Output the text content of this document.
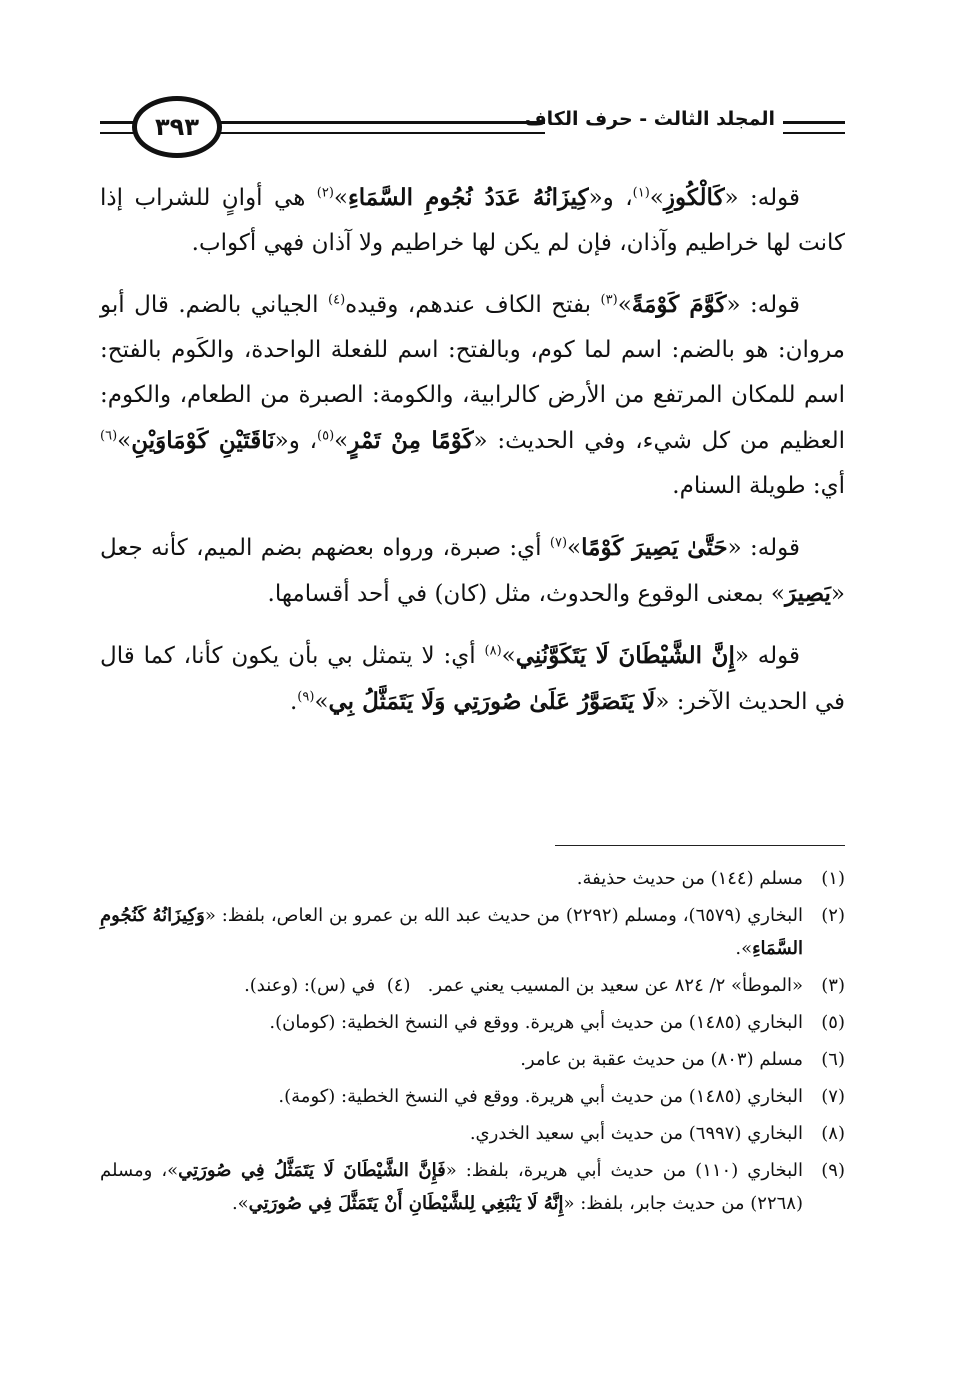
المجلد الثالث - حرف الكاف
٣٩٣

قوله: «كَالْكُوزِ»$^{(١)}$، و«كِيزَانُهُ عَدَدُ نُجُومِ السَّمَاءِ»$^{(٢)}$ هي أوانٍ للشراب إذا كانت لها خراطيم وآذان، فإن لم يكن لها خراطيم ولا آذان فهي أكواب.

قوله: «كَوَّمَ كَوْمَةً»$^{(٣)}$ بفتح الكاف عندهم، وقيده$^{(٤)}$ الجياني بالضم. قال أبو مروان: هو بالضم: اسم لما كوم، وبالفتح: اسم للفعلة الواحدة، والكَوم بالفتح: اسم للمكان المرتفع من الأرض كالرابية، والكومة: الصبرة من الطعام، والكوم: العظيم من كل شيء، وفي الحديث: «كَوْمًا مِنْ تَمْرٍ»$^{(٥)}$، و«نَاقَتَيْنِ كَوْمَاوَيْنِ»$^{(٦)}$ أي: طويلة السنام.

قوله: «حَتَّىٰ يَصِيرَ كَوْمًا»$^{(٧)}$ أي: صبرة، ورواه بعضهم بضم الميم، كأنه جعل «يَصِيرَ» بمعنى الوقوع والحدوث، مثل (كان) في أحد أقسامها.

قوله «إِنَّ الشَّيْطَانَ لَا يَتَكَوَّنُنِي»$^{(٨)}$ أي: لا يتمثل بي بأن يكون كأنا، كما قال في الحديث الآخر: «لَا يَتَصَوَّرُ عَلَىٰ صُورَتِي وَلَا يَتَمَثَّلُ بِي»$^{(٩)}$.

(١)
مسلم (١٤٤) من حديث حذيفة.
(٢)
البخاري (٦٥٧٩)، ومسلم (٢٢٩٢) من حديث عبد الله بن عمرو بن العاص، بلفظ: «وَكِيزَانُهُ كَنُجُومِ السَّمَاءِ».
(٣)
«الموطأ» ٢/ ٨٢٤ عن سعيد بن المسيب يعني عمر.   (٤)  في (س): (وعند).
(٥)
البخاري (١٤٨٥) من حديث أبي هريرة. ووقع في النسخ الخطية: (كومان).
(٦)
مسلم (٨٠٣) من حديث عقبة بن عامر.
(٧)
البخاري (١٤٨٥) من حديث أبي هريرة. ووقع في النسخ الخطية: (كومة).
(٨)
البخاري (٦٩٩٧) من حديث أبي سعيد الخدري.
(٩)
البخاري (١١٠) من حديث أبي هريرة، بلفظ: «فَإِنَّ الشَّيْطَانَ لَا يَتَمَثَّلُ فِي صُورَتِي»، ومسلم (٢٢٦٨) من حديث جابر، بلفظ: «إِنَّهُ لَا يَنْبَغِي لِلشَّيْطَانِ أَنْ يَتَمَثَّلَ فِي صُورَتِي».
